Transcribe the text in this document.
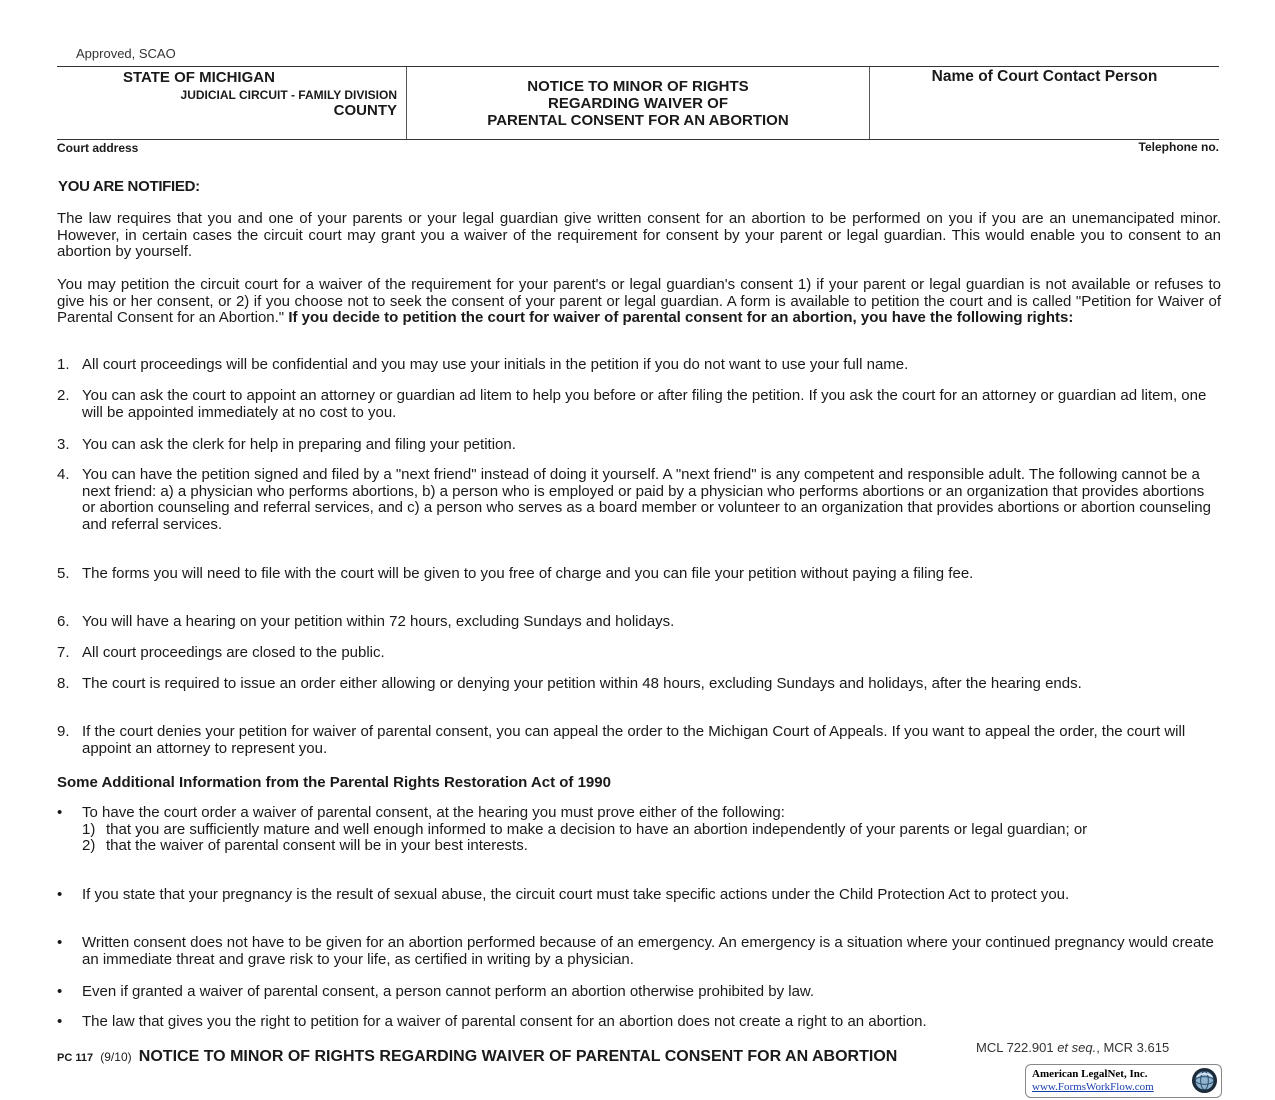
Approved, SCAO
STATE OF MICHIGAN
JUDICIAL CIRCUIT - FAMILY DIVISION
COUNTY
NOTICE TO MINOR OF RIGHTS
REGARDING WAIVER OF
PARENTAL CONSENT FOR AN ABORTION
Name of Court Contact Person
Court address	Telephone no.
YOU ARE NOTIFIED:
The law requires that you and one of your parents or your legal guardian give written consent for an abortion to be performed on you if you are an unemancipated minor. However, in certain cases the circuit court may grant you a waiver of the requirement for consent by your parent or legal guardian. This would enable you to consent to an abortion by yourself.
You may petition the circuit court for a waiver of the requirement for your parent's or legal guardian's consent 1) if your parent or legal guardian is not available or refuses to give his or her consent, or 2) if you choose not to seek the consent of your parent or legal guardian. A form is available to petition the court and is called "Petition for Waiver of Parental Consent for an Abortion." If you decide to petition the court for waiver of parental consent for an abortion, you have the following rights:
1. All court proceedings will be confidential and you may use your initials in the petition if you do not want to use your full name.
2. You can ask the court to appoint an attorney or guardian ad litem to help you before or after filing the petition. If you ask the court for an attorney or guardian ad litem, one will be appointed immediately at no cost to you.
3. You can ask the clerk for help in preparing and filing your petition.
4. You can have the petition signed and filed by a "next friend" instead of doing it yourself. A "next friend" is any competent and responsible adult. The following cannot be a next friend: a) a physician who performs abortions, b) a person who is employed or paid by a physician who performs abortions or an organization that provides abortions or abortion counseling and referral services, and c) a person who serves as a board member or volunteer to an organization that provides abortions or abortion counseling and referral services.
5. The forms you will need to file with the court will be given to you free of charge and you can file your petition without paying a filing fee.
6. You will have a hearing on your petition within 72 hours, excluding Sundays and holidays.
7. All court proceedings are closed to the public.
8. The court is required to issue an order either allowing or denying your petition within 48 hours, excluding Sundays and holidays, after the hearing ends.
9. If the court denies your petition for waiver of parental consent, you can appeal the order to the Michigan Court of Appeals. If you want to appeal the order, the court will appoint an attorney to represent you.
Some Additional Information from the Parental Rights Restoration Act of 1990
•	To have the court order a waiver of parental consent, at the hearing you must prove either of the following:
1) that you are sufficiently mature and well enough informed to make a decision to have an abortion independently of your parents or legal guardian; or
2) that the waiver of parental consent will be in your best interests.
•	If you state that your pregnancy is the result of sexual abuse, the circuit court must take specific actions under the Child Protection Act to protect you.
•	Written consent does not have to be given for an abortion performed because of an emergency. An emergency is a situation where your continued pregnancy would create an immediate threat and grave risk to your life, as certified in writing by a physician.
•	Even if granted a waiver of parental consent, a person cannot perform an abortion otherwise prohibited by law.
•	The law that gives you the right to petition for a waiver of parental consent for an abortion does not create a right to an abortion.
MCL 722.901 et seq., MCR 3.615
PC 117 (9/10) NOTICE TO MINOR OF RIGHTS REGARDING WAIVER OF PARENTAL CONSENT FOR AN ABORTION
American LegalNet, Inc.
www.FormsWorkFlow.com
